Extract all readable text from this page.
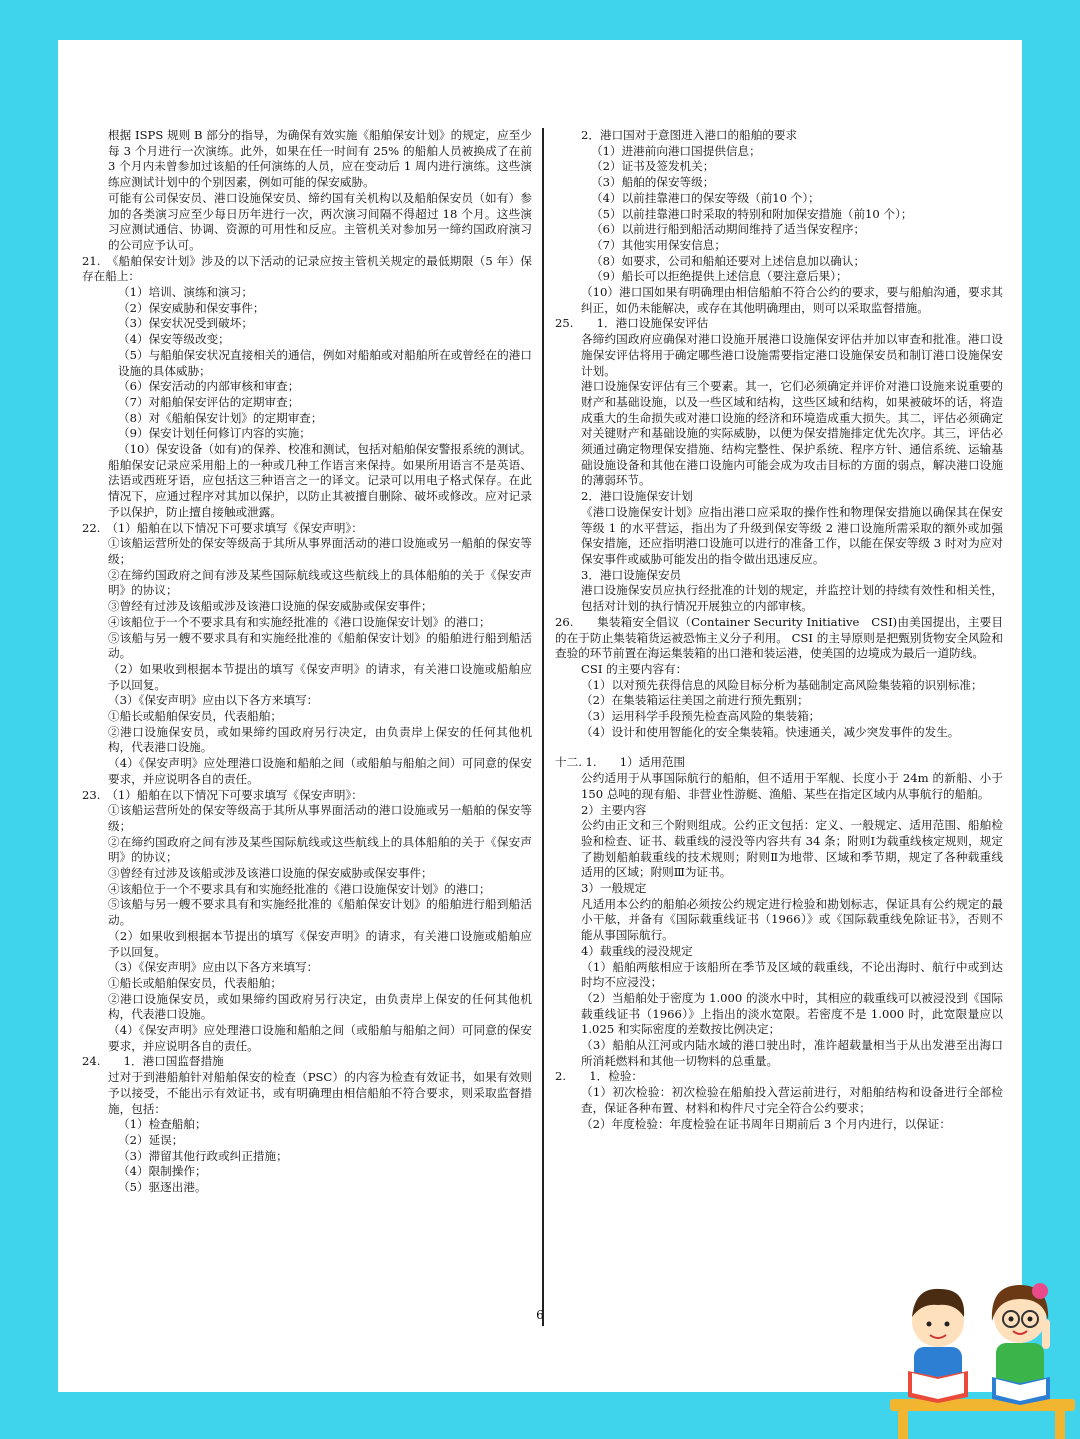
根据 ISPS 规则 B 部分的指导，为确保有效实施《船舶保安计划》的规定，应至少每 3 个月进行一次演练。此外，如果在任一时间有 25% 的船舶人员被换成了在前 3 个月内未曾参加过该船的任何演练的人员，应在变动后 1 周内进行演练。这些演练应测试计划中的个别因素，例如可能的保安威胁。
可能有公司保安员、港口设施保安员、缔约国有关机构以及船舶保安员（如有）参加的各类演习应至少每日历年进行一次，两次演习间隔不得超过 18 个月。这些演习应测试通信、协调、资源的可用性和反应。主管机关对参加另一缔约国政府演习的公司应予认可。
21.　《船舶保安计划》涉及的以下活动的记录应按主管机关规定的最低期限（5 年）保存在船上：
（1）培训、演练和演习；
（2）保安威胁和保安事件；
（3）保安状况受到破坏；
（4）保安等级改变；
（5）与船舶保安状况直接相关的通信，例如对船舶或对船舶所在或曾经在的港口设施的具体威胁；
（6）保安活动的内部审核和审查；
（7）对船舶保安评估的定期审查；
（8）对《船舶保安计划》的定期审查；
（9）保安计划任何修订内容的实施；
（10）保安设备（如有)的保养、校准和测试，包括对船舶保安警报系统的测试。
船舶保安记录应采用船上的一种或几种工作语言来保持。如果所用语言不是英语、法语或西班牙语，应包括这三种语言之一的译文。记录可以用电子格式保存。在此情况下，应通过程序对其加以保护，以防止其被擅自删除、破坏或修改。应对记录予以保护，防止擅自接触或泄露。
22.　（1）船舶在以下情况下可要求填写《保安声明》：
①该船运营所处的保安等级高于其所从事界面活动的港口设施或另一船舶的保安等级；
②在缔约国政府之间有涉及某些国际航线或这些航线上的具体船舶的关于《保安声明》的协议；
③曾经有过涉及该船或涉及该港口设施的保安威胁或保安事件；
④该船位于一个不要求具有和实施经批准的《港口设施保安计划》的港口；
⑤该船与另一艘不要求具有和实施经批准的《船舶保安计划》的船舶进行船到船活动。
（2）如果收到根据本节提出的填写《保安声明》的请求，有关港口设施或船舶应予以回复。
（3）《保安声明》应由以下各方来填写：
①船长或船舶保安员，代表船舶；
②港口设施保安员，或如果缔约国政府另行决定，由负责岸上保安的任何其他机构，代表港口设施。
（4）《保安声明》应处理港口设施和船舶之间（或船舶与船舶之间）可同意的保安要求，并应说明各自的责任。
23.　（1）船舶在以下情况下可要求填写《保安声明》：
①该船运营所处的保安等级高于其所从事界面活动的港口设施或另一船舶的保安等级；
②在缔约国政府之间有涉及某些国际航线或这些航线上的具体船舶的关于《保安声明》的协议；
③曾经有过涉及该船或涉及该港口设施的保安威胁或保安事件；
④该船位于一个不要求具有和实施经批准的《港口设施保安计划》的港口；
⑤该船与另一艘不要求具有和实施经批准的《船舶保安计划》的船舶进行船到船活动。
（2）如果收到根据本节提出的填写《保安声明》的请求，有关港口设施或船舶应予以回复。
（3）《保安声明》应由以下各方来填写：
①船长或船舶保安员，代表船舶；
②港口设施保安员，或如果缔约国政府另行决定，由负责岸上保安的任何其他机构，代表港口设施。
（4）《保安声明》应处理港口设施和船舶之间（或船舶与船舶之间）可同意的保安要求，并应说明各自的责任。
24.　　1．港口国监督措施
过对于到港船舶针对船舶保安的检查（PSC）的内容为检查有效证书，如果有效则予以接受，不能出示有效证书，或有明确理由相信船舶不符合要求，则采取监督措施，包括：
（1）检查船舶；
（2）延误；
（3）滞留其他行政或纠正措施；
（4）限制操作；
（5）驱逐出港。
2．港口国对于意图进入港口的船舶的要求
（1）进港前向港口国提供信息；
（2）证书及签发机关；
（3）船舶的保安等级；
（4）以前挂靠港口的保安等级（前10 个）；
（5）以前挂靠港口时采取的特别和附加保安措施（前10 个）；
（6）以前进行船到船活动期间维持了适当保安程序；
（7）其他实用保安信息；
（8）如要求，公司和船舶还要对上述信息加以确认；
（9）船长可以拒绝提供上述信息（要注意后果）；
（10）港口国如果有明确理由相信船舶不符合公约的要求，要与船舶沟通，要求其纠正，如仍未能解决，或存在其他明确理由，则可以采取监督措施。
25.　　1．港口设施保安评估
各缔约国政府应确保对港口设施开展港口设施保安评估并加以审查和批准。港口设施保安评估将用于确定哪些港口设施需要指定港口设施保安员和制订港口设施保安计划。
港口设施保安评估有三个要素。其一，它们必须确定并评价对港口设施来说重要的财产和基础设施，以及一些区域和结构，这些区域和结构，如果被破坏的话，将造成重大的生命损失或对港口设施的经济和环境造成重大损失。其二，评估必须确定对关键财产和基础设施的实际威胁，以便为保安措施排定优先次序。其三，评估必须通过确定物理保安措施、结构完整性、保护系统、程序方针、通信系统、运输基础设施设备和其他在港口设施内可能会成为攻击目标的方面的弱点，解决港口设施的薄弱环节。
2．港口设施保安计划
《港口设施保安计划》应指出港口应采取的操作性和物理保安措施以确保其在保安等级 1 的水平营运，指出为了升级到保安等级 2 港口设施所需采取的额外或加强保安措施，还应指明港口设施可以进行的准备工作，以能在保安等级 3 时对为应对保安事件或威胁可能发出的指令做出迅速反应。
3．港口设施保安员
港口设施保安员应执行经批准的计划的规定，并监控计划的持续有效性和相关性，包括对计划的执行情况开展独立的内部审核。
26.　　集装箱安全倡议（Container Security Initiative　CSI)由美国提出，主要目的在于防止集装箱货运被恐怖主义分子利用。 CSI 的主导原则是把甄别货物安全风险和查验的环节前置在海运集装箱的出口港和装运港，使美国的边境成为最后一道防线。
CSI 的主要内容有：
（1）以对预先获得信息的风险目标分析为基础制定高风险集装箱的识别标准；
（2）在集装箱运往美国之前进行预先甄别；
（3）运用科学手段预先检查高风险的集装箱；
（4）设计和使用智能化的安全集装箱。快速通关，减少突发事件的发生。
十二. 1.　　1）适用范围
公约适用于从事国际航行的船舶，但不适用于军舰、长度小于 24m 的新船、小于 150 总吨的现有船、非营业性游艇、渔船、某些在指定区域内从事航行的船舶。
2）主要内容
公约由正文和三个附则组成。公约正文包括：定义、一般规定、适用范围、船舶检验和检查、证书、载重线的浸没等内容共有 34 条；附则Ⅰ为载重线核定规则，规定了勘划船舶载重线的技术规则；附则Ⅱ为地带、区域和季节期，规定了各种载重线适用的区域；附则Ⅲ为证书。
3）一般规定
凡适用本公约的船舶必须按公约规定进行检验和勘划标志，保证具有公约规定的最小干舷，并备有《国际载重线证书（1966）》或《国际载重线免除证书》，否则不能从事国际航行。
4）载重线的浸没规定
（1）船舶两舷相应于该船所在季节及区域的载重线，不论出海时、航行中或到达时均不应浸没；
（2）当船舶处于密度为 1.000 的淡水中时，其相应的载重线可以被浸没到《国际载重线证书（1966）》上指出的淡水宽限。若密度不是 1.000 时，此宽限量应以 1.025 和实际密度的差数按比例决定；
（3）船舶从江河或内陆水域的港口驶出时，准许超载量相当于从出发港至出海口所消耗燃料和其他一切物料的总重量。
2.　　1．检验：
（1）初次检验：初次检验在船舶投入营运前进行，对船舶结构和设备进行全部检查，保证各种布置、材料和构件尺寸完全符合公约要求；
（2）年度检验：年度检验在证书周年日期前后 3 个月内进行，以保证：
6
